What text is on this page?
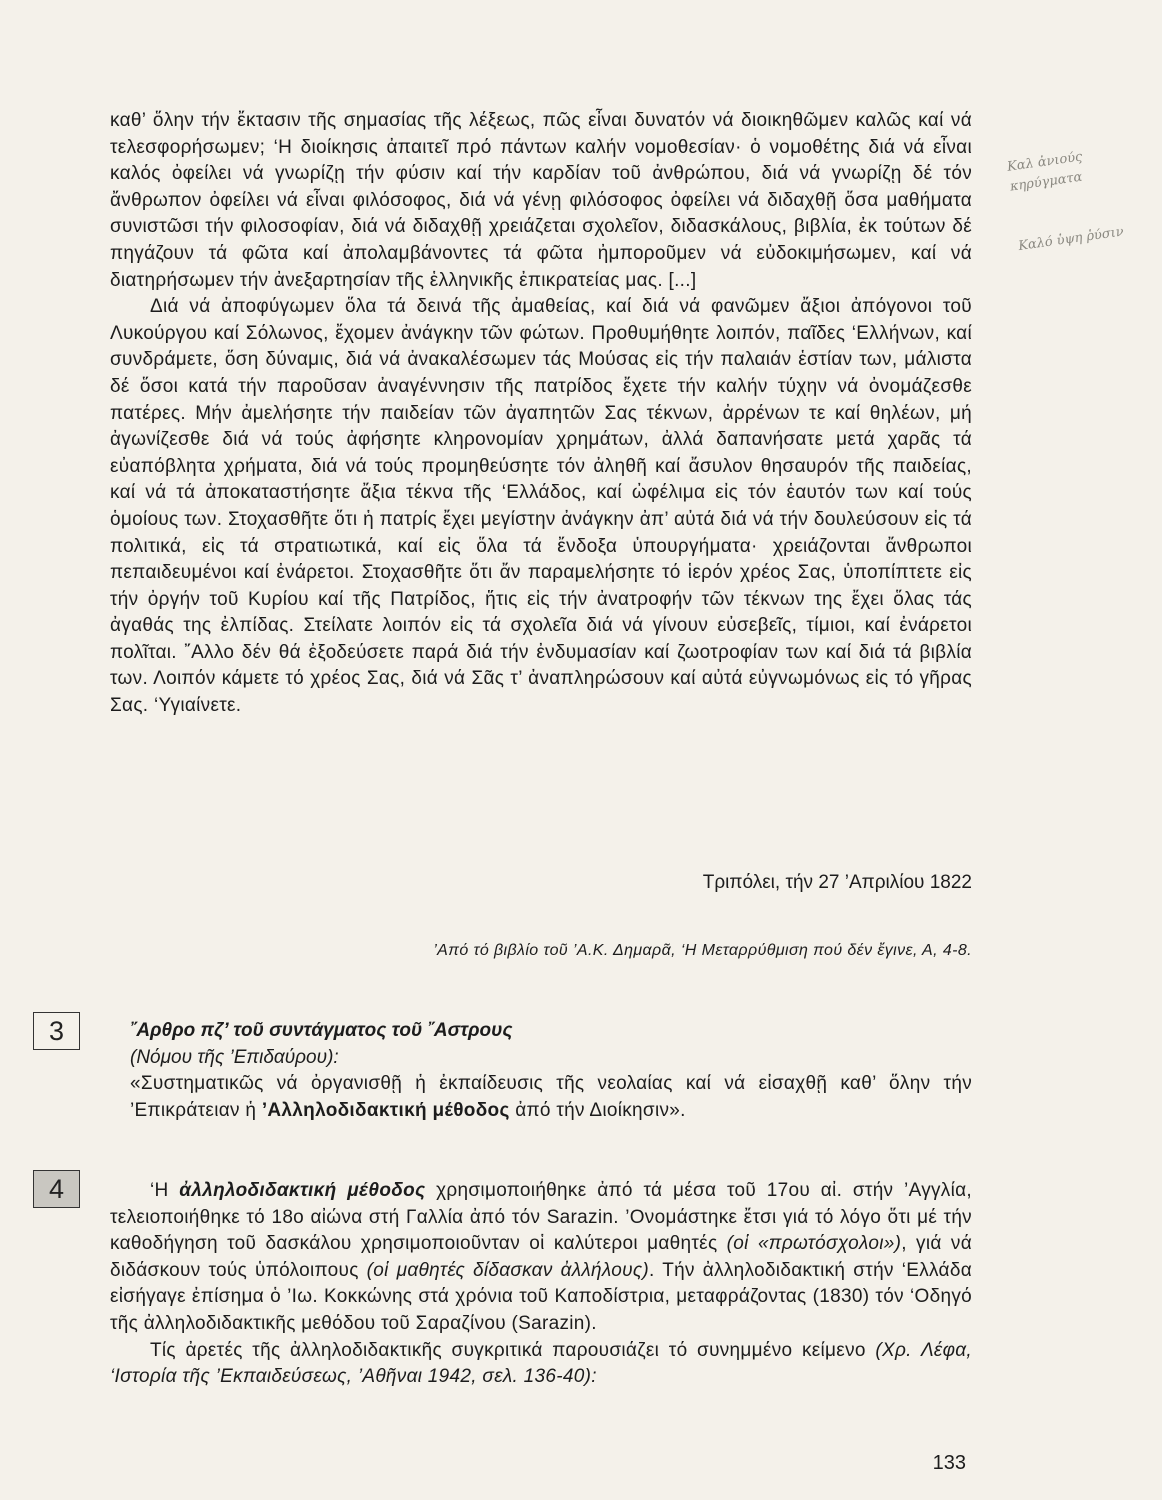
Καλ ἀνιούς κηρύγματα
Καλό ὑψη ῥύσιν

καθ’ ὅλην τήν ἔκτασιν τῆς σημασίας τῆς λέξεως, πῶς εἶναι δυνατόν νά διοικηθῶμεν καλῶς καί νά τελεσφορήσωμεν; ‘Η διοίκησις ἀπαιτεῖ πρό πάντων καλήν νομοθεσίαν· ὁ νομοθέτης διά νά εἶναι καλός ὀφείλει νά γνωρίζῃ τήν φύσιν καί τήν καρδίαν τοῦ ἀνθρώπου, διά νά γνωρίζῃ δέ τόν ἄνθρωπον ὀφείλει νά εἶναι φιλόσοφος, διά νά γένῃ φιλόσοφος ὀφείλει νά διδαχθῇ ὅσα μαθήματα συνιστῶσι τήν φιλοσοφίαν, διά νά διδαχθῇ χρειάζεται σχολεῖον, διδασκάλους, βιβλία, ἐκ τούτων δέ πηγάζουν τά φῶτα καί ἀπολαμβάνοντες τά φῶτα ἠμποροῦμεν νά εὐδοκιμήσωμεν, καί νά διατηρήσωμεν τήν ἀνεξαρτησίαν τῆς ἑλληνικῆς ἐπικρατείας μας. [...]

Διά νά ἀποφύγωμεν ὅλα τά δεινά τῆς ἀμαθείας, καί διά νά φανῶμεν ἄξιοι ἀπόγονοι τοῦ Λυκούργου καί Σόλωνος, ἔχομεν ἀνάγκην τῶν φώτων. Προθυμήθητε λοιπόν, παῖδες ‘Ελλήνων, καί συνδράμετε, ὅση δύναμις, διά νά ἀνακαλέσωμεν τάς Μούσας εἰς τήν παλαιάν ἑστίαν των, μάλιστα δέ ὅσοι κατά τήν παροῦσαν ἀναγέννησιν τῆς πατρίδος ἔχετε τήν καλήν τύχην νά ὀνομάζεσθε πατέρες. Μήν ἀμελήσητε τήν παιδείαν τῶν ἀγαπητῶν Σας τέκνων, ἀρρένων τε καί θηλέων, μή ἀγωνίζεσθε διά νά τούς ἀφήσητε κληρονομίαν χρημάτων, ἀλλά δαπανήσατε μετά χαρᾶς τά εὐαπόβλητα χρήματα, διά νά τούς προμηθεύσητε τόν ἀληθῆ καί ἄσυλον θησαυρόν τῆς παιδείας, καί νά τά ἀποκαταστήσητε ἄξια τέκνα τῆς ‘Ελλάδος, καί ὠφέλιμα εἰς τόν ἑαυτόν των καί τούς ὁμοίους των. Στοχασθῆτε ὅτι ἡ πατρίς ἔχει μεγίστην ἀνάγκην ἀπ’ αὐτά διά νά τήν δουλεύσουν εἰς τά πολιτικά, εἰς τά στρατιωτικά, καί εἰς ὅλα τά ἔνδοξα ὑπουργήματα· χρειάζονται ἄνθρωποι πεπαιδευμένοι καί ἐνάρετοι. Στοχασθῆτε ὅτι ἄν παραμελήσητε τό ἱερόν χρέος Σας, ὑποπίπτετε εἰς τήν ὀργήν τοῦ Κυρίου καί τῆς Πατρίδος, ἥτις εἰς τήν ἀνατροφήν τῶν τέκνων της ἔχει ὅλας τάς ἀγαθάς της ἐλπίδας. Στείλατε λοιπόν εἰς τά σχολεῖα διά νά γίνουν εὐσεβεῖς, τίμιοι, καί ἐνάρετοι πολῖται. ῎Αλλο δέν θά ἐξοδεύσετε παρά διά τήν ἐνδυμασίαν καί ζωοτροφίαν των καί διά τά βιβλία των. Λοιπόν κάμετε τό χρέος Σας, διά νά Σᾶς τ’ ἀναπληρώσουν καί αὐτά εὐγνωμόνως εἰς τό γῆρας Σας. ‘Υγιαίνετε.

Τριπόλει, τήν 27 ’Απριλίου 1822
’Από τό βιβλίο τοῦ ’Α.Κ. Δημαρᾶ, ‘Η Μεταρρύθμιση πού δέν ἔγινε, Α, 4-8.
3	῎Αρθρο πζ’ τοῦ συντάγματος τοῦ ῎Αστρους
(Νόμου τῆς ’Επιδαύρου):

«Συστηματικῶς νά ὀργανισθῇ ἡ ἐκπαίδευσις τῆς νεολαίας καί νά εἰσαχθῇ καθ’ ὅλην τήν ’Επικράτειαν ἡ ’Αλληλοδιδακτική μέθοδος ἀπό τήν Διοίκησιν».

4	‘Η ἀλληλοδιδακτική μέθοδος χρησιμοποιήθηκε ἀπό τά μέσα τοῦ 17ου αἰ. στήν ’Αγγλία, τελειοποιήθηκε τό 18ο αἰώνα στή Γαλλία ἀπό τόν Sarazin. ’Ονομάστηκε ἔτσι γιά τό λόγο ὅτι μέ τήν καθοδήγηση τοῦ δασκάλου χρησιμοποιοῦνταν οἱ καλύτεροι μαθητές (οἱ «πρωτόσχολοι»), γιά νά διδάσκουν τούς ὑπόλοιπους (οἱ μαθητές δίδασκαν ἀλλήλους). Τήν ἀλληλοδιδακτική στήν ‘Ελλάδα εἰσήγαγε ἐπίσημα ὁ ’Ιω. Κοκκώνης στά χρόνια τοῦ Καποδίστρια, μεταφράζοντας (1830) τόν ‘Οδηγό τῆς ἀλληλοδιδακτικῆς μεθόδου τοῦ Σαραζίνου (Sarazin).

Τίς ἀρετές τῆς ἀλληλοδιδακτικῆς συγκριτικά παρουσιάζει τό συνημμένο κείμενο (Χρ. Λέφα, ‘Ιστορία τῆς ’Εκπαιδεύσεως, ’Αθῆναι 1942, σελ. 136-40):

133
